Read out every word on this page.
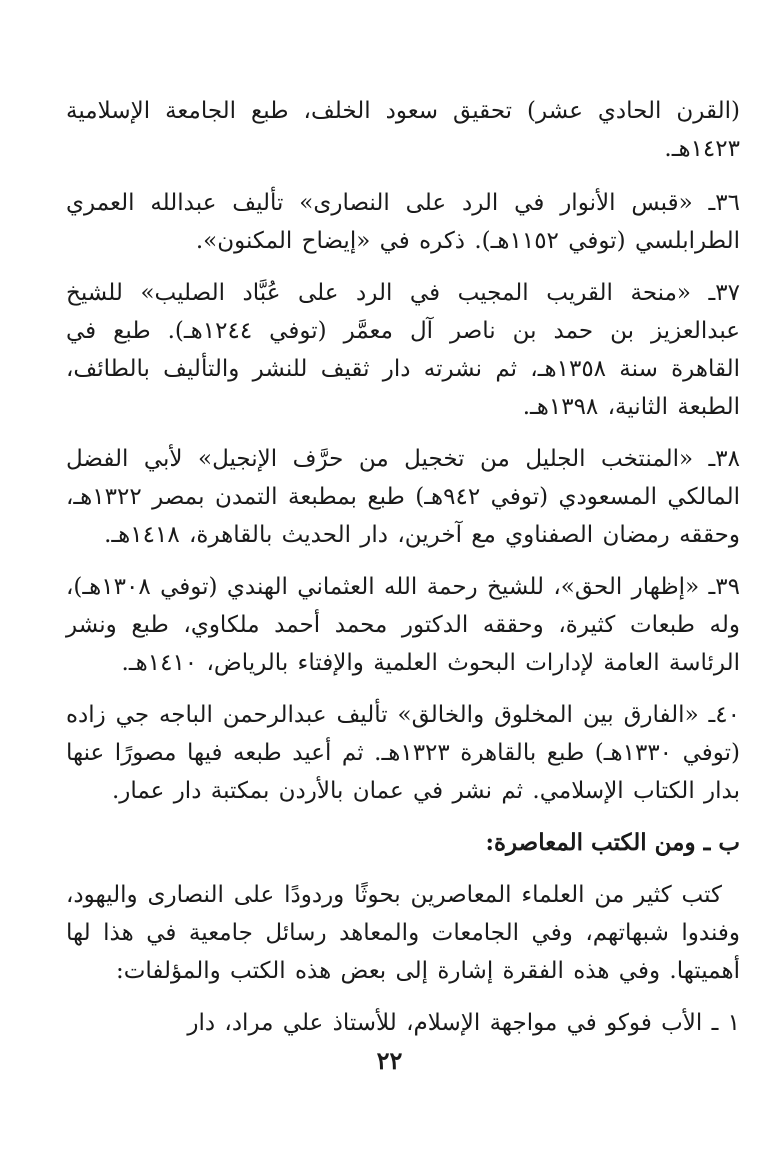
(القرن الحادي عشر) تحقيق سعود الخلف، طبع الجامعة الإسلامية ١٤٢٣هـ.

٣٦ـ «قبس الأنوار في الرد على النصارى» تأليف عبدالله العمري الطرابلسي (توفي ١١٥٢هـ). ذكره في «إيضاح المكنون».

٣٧ـ «منحة القريب المجيب في الرد على عُبَّاد الصليب» للشيخ عبدالعزيز بن حمد بن ناصر آل معمَّر (توفي ١٢٤٤هـ). طبع في القاهرة سنة ١٣٥٨هـ، ثم نشرته دار ثقيف للنشر والتأليف بالطائف، الطبعة الثانية، ١٣٩٨هـ.

٣٨ـ «المنتخب الجليل من تخجيل من حرَّف الإنجيل» لأبي الفضل المالكي المسعودي (توفي ٩٤٢هـ) طبع بمطبعة التمدن بمصر ١٣٢٢هـ، وحققه رمضان الصفناوي مع آخرين، دار الحديث بالقاهرة، ١٤١٨هـ.

٣٩ـ «إظهار الحق»، للشيخ رحمة الله العثماني الهندي (توفي ١٣٠٨هـ)، وله طبعات كثيرة، وحققه الدكتور محمد أحمد ملكاوي، طبع ونشر الرئاسة العامة لإدارات البحوث العلمية والإفتاء بالرياض، ١٤١٠هـ.

٤٠ـ «الفارق بين المخلوق والخالق» تأليف عبدالرحمن الباجه جي زاده (توفي ١٣٣٠هـ) طبع بالقاهرة ١٣٢٣هـ. ثم أعيد طبعه فيها مصورًا عنها بدار الكتاب الإسلامي. ثم نشر في عمان بالأردن بمكتبة دار عمار.

ب ـ ومن الكتب المعاصرة:

كتب كثير من العلماء المعاصرين بحوثًا وردودًا على النصارى واليهود، وفندوا شبهاتهم، وفي الجامعات والمعاهد رسائل جامعية في هذا لها أهميتها. وفي هذه الفقرة إشارة إلى بعض هذه الكتب والمؤلفات:

١ ـ الأب فوكو في مواجهة الإسلام، للأستاذ علي مراد، دار

٢٢
